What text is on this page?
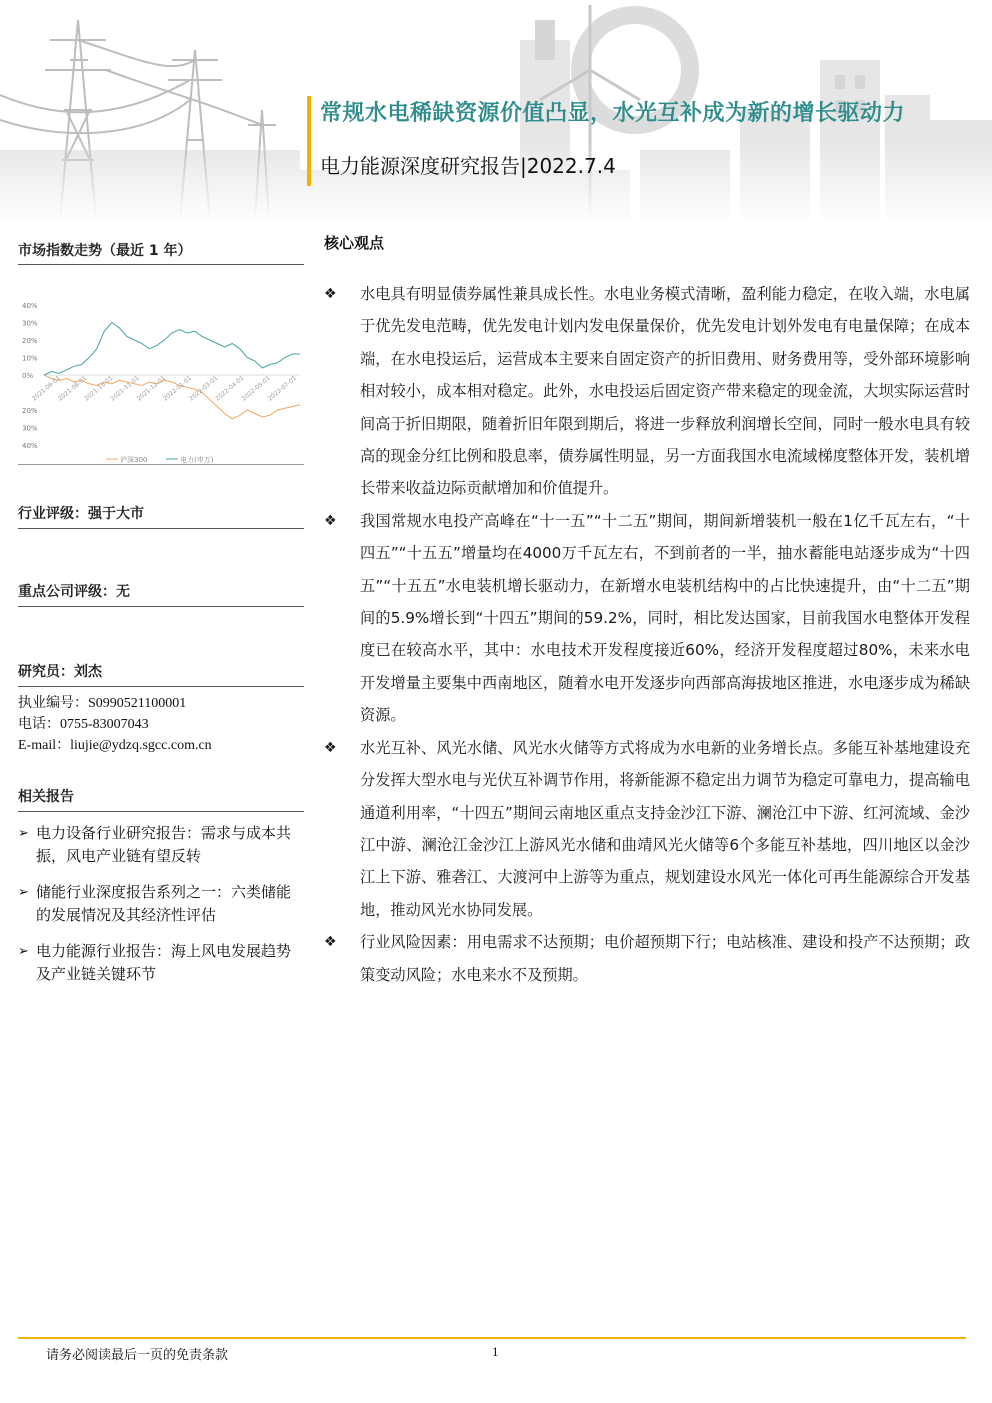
常规水电稀缺资源价值凸显，水光互补成为新的增长驱动力
电力能源深度研究报告|2022.7.4
市场指数走势（最近 1 年）
40%
30%
20%
10%
0%
20%
30%
40%
2021-06-01
2021-08-01
2021-10-01
2021-11-01
2021-12-01
2022-01-01
2022-03-01
2022-04-01
2022-05-01
2022-07-01
沪深300	电力(申万)
行业评级：强于大市
重点公司评级：无
研究员：刘杰
执业编号：S0990521100001
电话：0755-83007043
E-mail：liujie@ydzq.sgcc.com.cn
相关报告
➢ 电力设备行业研究报告：需求与成本共振，风电产业链有望反转
➢ 储能行业深度报告系列之一：六类储能的发展情况及其经济性评估
➢ 电力能源行业报告：海上风电发展趋势及产业链关键环节
核心观点
❖ 水电具有明显债券属性兼具成长性。水电业务模式清晰，盈利能力稳定，在收入端，水电属于优先发电范畴，优先发电计划内发电保量保价，优先发电计划外发电有电量保障；在成本端，在水电投运后，运营成本主要来自固定资产的折旧费用、财务费用等，受外部环境影响相对较小，成本相对稳定。此外，水电投运后固定资产带来稳定的现金流，大坝实际运营时间高于折旧期限，随着折旧年限到期后，将进一步释放利润增长空间，同时一般水电具有较高的现金分红比例和股息率，债券属性明显，另一方面我国水电流域梯度整体开发，装机增长带来收益边际贡献增加和价值提升。
❖ 我国常规水电投产高峰在“十一五”“十二五”期间，期间新增装机一般在1亿千瓦左右，“十四五”“十五五”增量均在4000万千瓦左右，不到前者的一半，抽水蓄能电站逐步成为“十四五”“十五五”水电装机增长驱动力，在新增水电装机结构中的占比快速提升，由“十二五”期间的5.9%增长到“十四五”期间的59.2%，同时，相比发达国家，目前我国水电整体开发程度已在较高水平，其中：水电技术开发程度接近60%，经济开发程度超过80%，未来水电开发增量主要集中西南地区，随着水电开发逐步向西部高海拔地区推进，水电逐步成为稀缺资源。
❖ 水光互补、风光水储、风光水火储等方式将成为水电新的业务增长点。多能互补基地建设充分发挥大型水电与光伏互补调节作用，将新能源不稳定出力调节为稳定可靠电力，提高输电通道利用率，“十四五”期间云南地区重点支持金沙江下游、澜沧江中下游、红河流域、金沙江中游、澜沧江金沙江上游风光水储和曲靖风光火储等6个多能互补基地，四川地区以金沙江上下游、雅砻江、大渡河中上游等为重点，规划建设水风光一体化可再生能源综合开发基地，推动风光水协同发展。
❖ 行业风险因素：用电需求不达预期；电价超预期下行；电站核准、建设和投产不达预期；政策变动风险；水电来水不及预期。
请务必阅读最后一页的免责条款	1
